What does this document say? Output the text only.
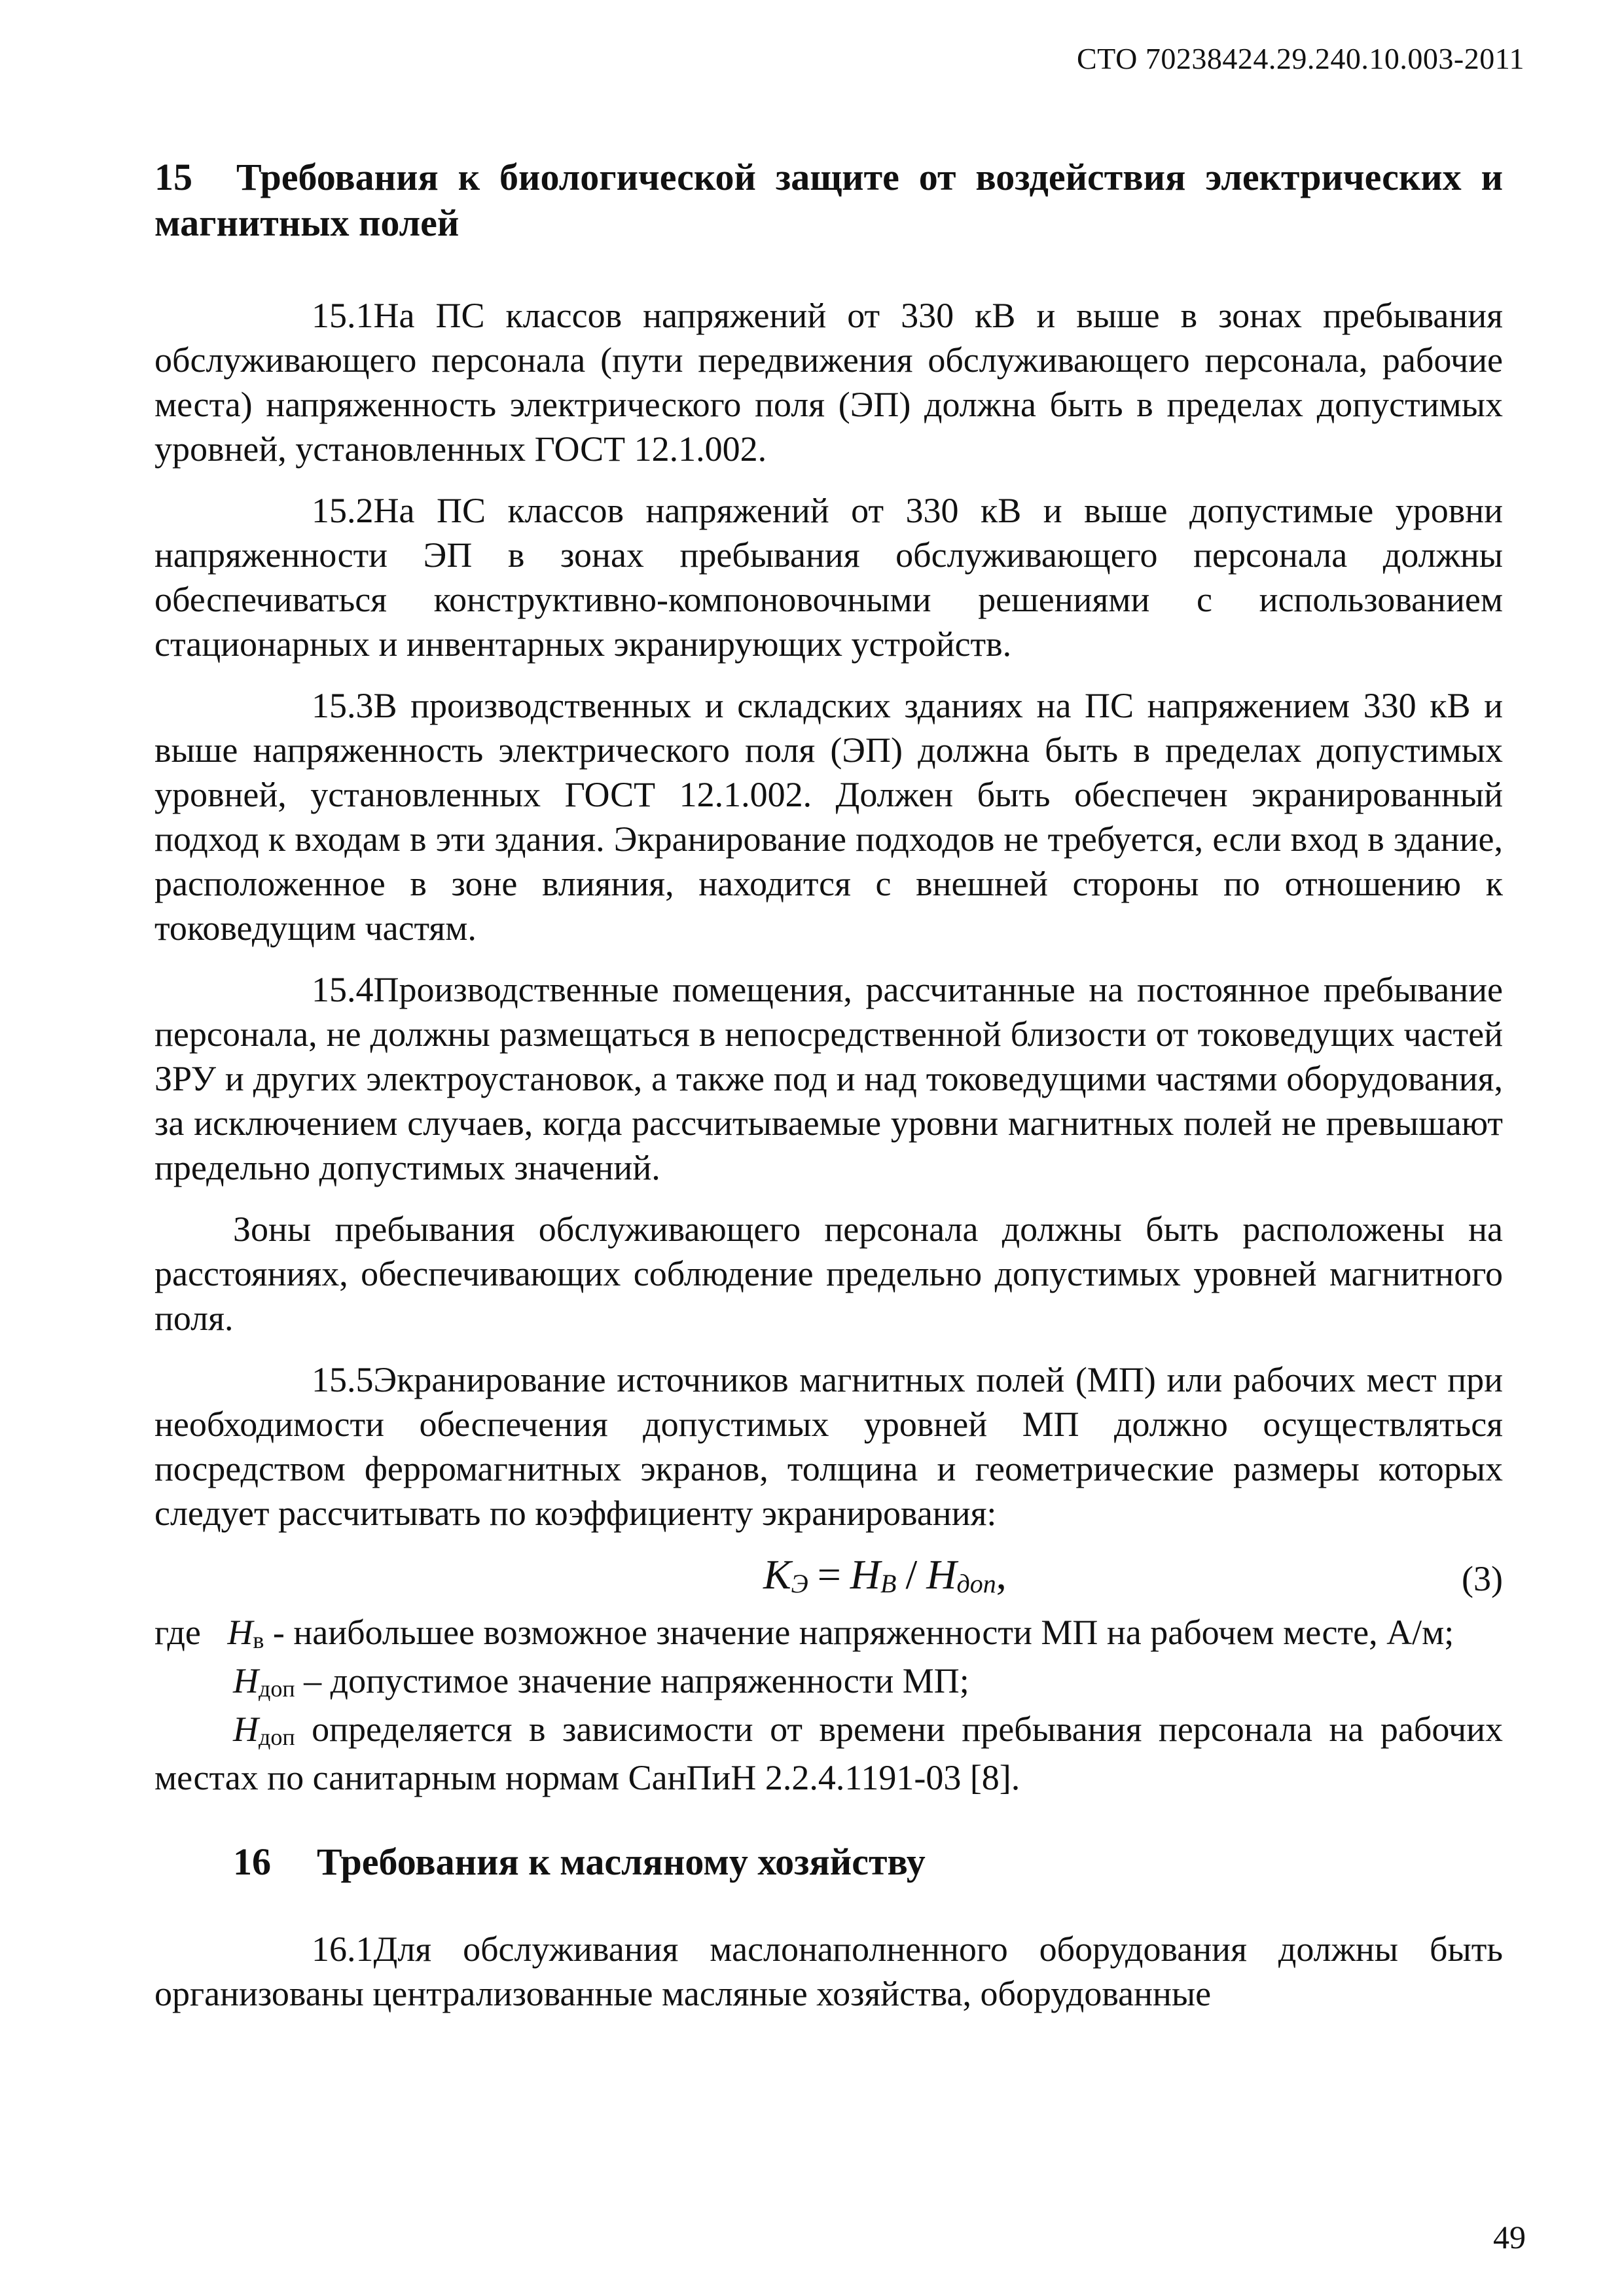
СТО 70238424.29.240.10.003-2011
15 Требования к биологической защите от воздействия электрических и магнитных полей

15.1На ПС классов напряжений от 330 кВ и выше в зонах пребывания обслуживающего персонала (пути передвижения обслуживающего персонала, рабочие места) напряженность электрического поля (ЭП) должна быть в пределах допустимых уровней, установленных ГОСТ 12.1.002.

15.2На ПС классов напряжений от 330 кВ и выше допустимые уровни напряженности ЭП в зонах пребывания обслуживающего персонала должны обеспечиваться конструктивно-компоновочными решениями с использованием стационарных и инвентарных экранирующих устройств.

15.3В производственных и складских зданиях на ПС напряжением 330 кВ и выше напряженность электрического поля (ЭП) должна быть в пределах допустимых уровней, установленных ГОСТ 12.1.002. Должен быть обеспечен экранированный подход к входам в эти здания. Экранирование подходов не требуется, если вход в здание, расположенное в зоне влияния, находится с внешней стороны по отношению к токоведущим частям.

15.4Производственные помещения, рассчитанные на постоянное пребывание персонала, не должны размещаться в непосредственной близости от токоведущих частей ЗРУ и других электроустановок, а также под и над токоведущими частями оборудования, за исключением случаев, когда рассчитываемые уровни магнитных полей не превышают предельно допустимых значений.

Зоны пребывания обслуживающего персонала должны быть расположены на расстояниях, обеспечивающих соблюдение предельно допустимых уровней магнитного поля.

15.5Экранирование источников магнитных полей (МП) или рабочих мест при необходимости обеспечения допустимых уровней МП должно осуществляться посредством ферромагнитных экранов, толщина и геометрические размеры которых следует рассчитывать по коэффициенту экранирования:

$К_Э = Н_В / Н_{доп}$,	(3)

где $Н_в$ - наибольшее возможное значение напряженности МП на рабочем месте, А/м;

$Н_{доп}$ – допустимое значение напряженности МП;

$Н_{доп}$ определяется в зависимости от времени пребывания персонала на рабочих местах по санитарным нормам СанПиН 2.2.4.1191-03 [8].

16 Требования к масляному хозяйству

16.1Для обслуживания маслонаполненного оборудования должны быть организованы централизованные масляные хозяйства, оборудованные

49
